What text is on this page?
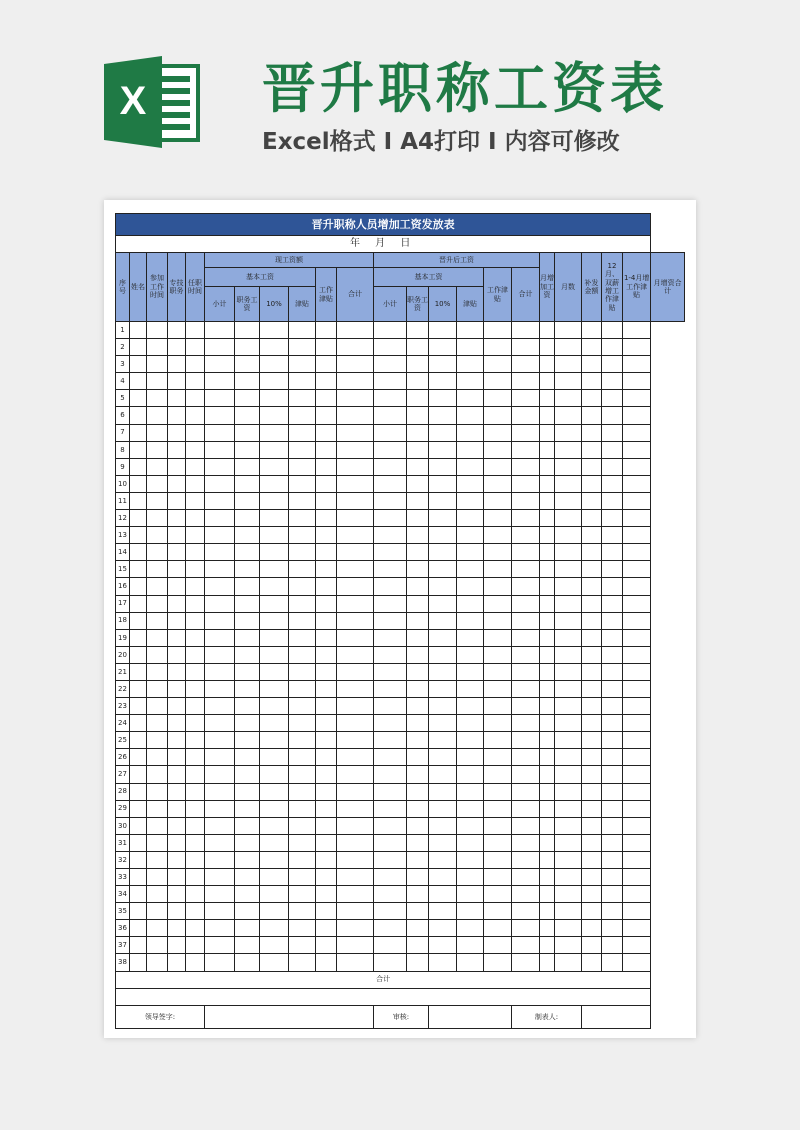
X 晋升职称工资表
Excel格式 I A4打印 I 内容可修改
晋升职称人员增加工资发放表																						
年 月 日																						
序号	姓名	参加工作时间	专技职务	任职时间	现工资额						晋升后工资						月增加工资	月数	补发金额	12月、双薪增工作津贴	1-4月增工作津贴	月增资合计
					基本工资				工作津贴	合计	基本工资				工作津贴	合计						
					小计	职务工资	10%	津贴			小计	职务工资	10%	津贴								
1																						
2																						
3																						
4																						
5																						
6																						
7																						
8																						
9																						
10																						
11																						
12																						
13																						
14																						
15																						
16																						
17																						
18																						
19																						
20																						
21																						
22																						
23																						
24																						
25																						
26																						
27																						
28																						
29																						
30																						
31																						
32																						
33																						
34																						
35																						
36																						
37																						
38																						
合计																						

领导签字:											审核:					制表人:						
